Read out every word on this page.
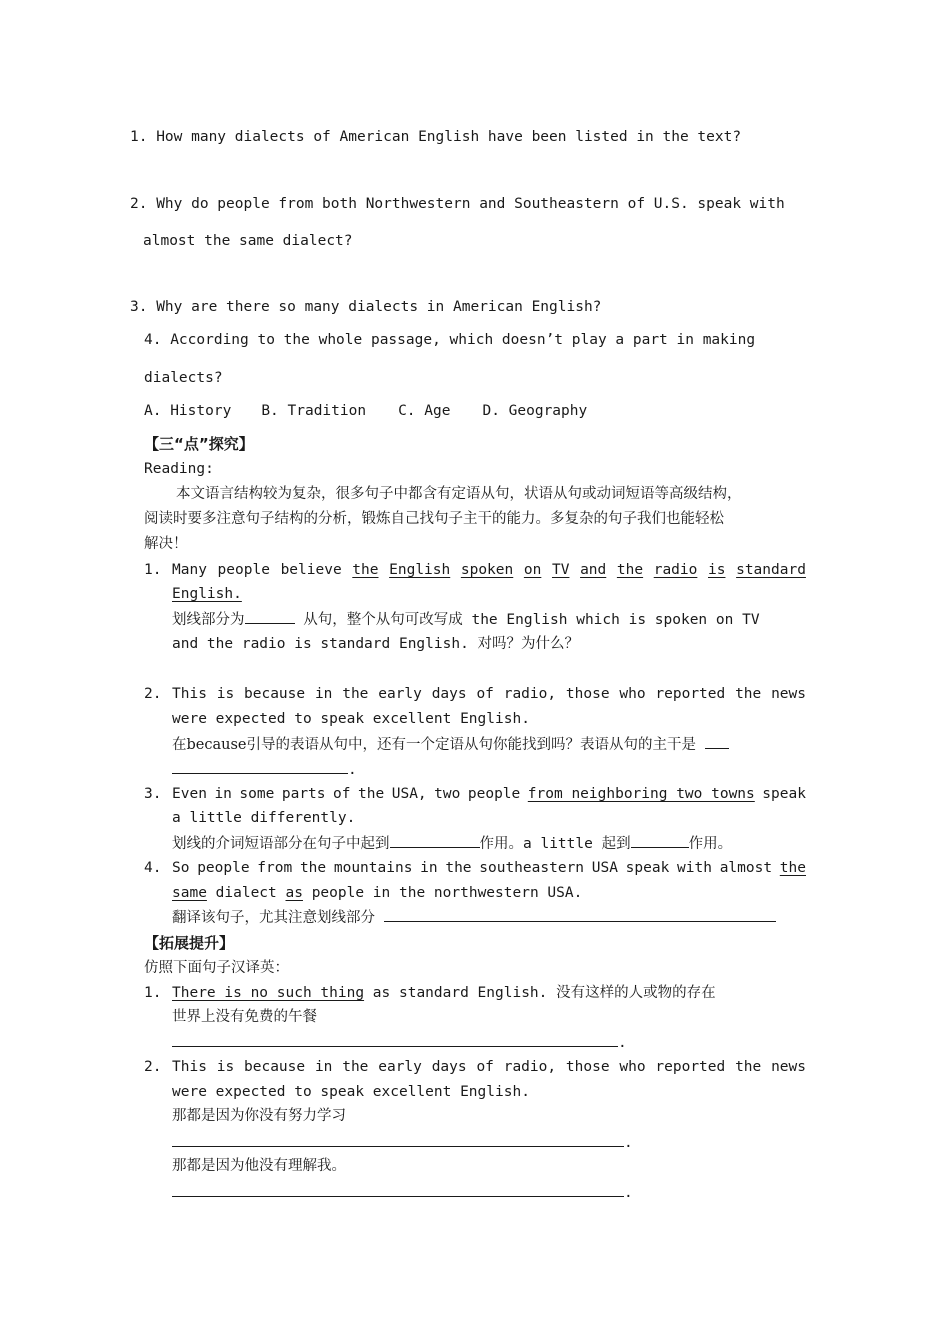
1. How many dialects of American English have been listed in the text?
2. Why do people from both Northwestern and Southeastern of U.S. speak with
almost the same dialect?
3. Why are there so many dialects in American English?
4. According to the whole passage, which doesn’t play a part in making
dialects?
A. History B. Tradition C. Age D. Geography
【三“点”探究】
Reading:
本文语言结构较为复杂，很多句子中都含有定语从句，状语从句或动词短语等高级结构，
阅读时要多注意句子结构的分析，锻炼自己找句子主干的能力。多复杂的句子我们也能轻松
解决！
1. Many people believe the English spoken on TV and the radio is standard
English.
划线部分为	从句，整个从句可改写成 the English which is spoken on TV
and the radio is standard English. 对吗？为什么？
2. This is because in the early days of radio, those who reported the news
were expected to speak excellent English.
在because引导的表语从句中，还有一个定语从句你能找到吗？表语从句的主干是
.
3. Even in some parts of the USA, two people from neighboring two towns speak
a little differently.
划线的介词短语部分在句子中起到	作用。a little 起到	作用。
4. So people from the mountains in the southeastern USA speak with almost the
same dialect as people in the northwestern USA.
翻译该句子，尤其注意划线部分
【拓展提升】
仿照下面句子汉译英：
1. There is no such thing as standard English. 没有这样的人或物的存在
世界上没有免费的午餐
.
2. This is because in the early days of radio, those who reported the news
were expected to speak excellent English.
那都是因为你没有努力学习
.
那都是因为他没有理解我。
.
